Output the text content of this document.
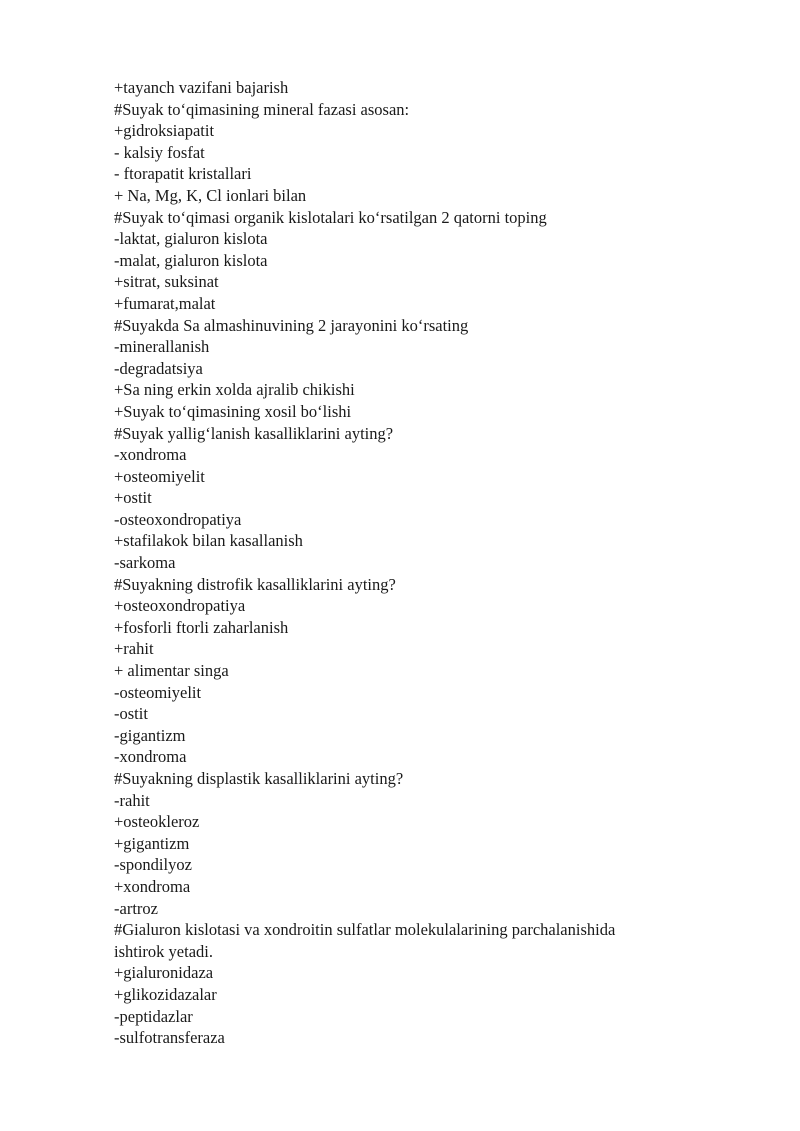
+tayanch vazifani bajarish
#Suyak to‘qimasining mineral fazasi asosan:
+gidroksiapatit
- kalsiy fosfat
- ftorapatit kristallari
+ Na, Mg, K, Cl ionlari bilan
#Suyak to‘qimasi organik kislotalari ko‘rsatilgan 2 qatorni toping
-laktat, gialuron kislota
-malat, gialuron kislota
+sitrat, suksinat
+fumarat,malat
#Suyakda Sa almashinuvining 2 jarayonini ko‘rsating
-minerallanish
-degradatsiya
+Sa ning erkin xolda ajralib chikishi
+Suyak to‘qimasining xosil bo‘lishi
#Suyak yallig‘lanish kasalliklarini ayting?
-xondroma
+osteomiyelit
+ostit
-osteoxondropatiya
+stafilakok bilan kasallanish
-sarkoma
#Suyakning distrofik kasalliklarini ayting?
+osteoxondropatiya
+fosforli ftorli zaharlanish
+rahit
+ alimentar singa
-osteomiyelit
-ostit
-gigantizm
-xondroma
#Suyakning displastik kasalliklarini ayting?
-rahit
+osteokleroz
+gigantizm
-spondilyoz
+xondroma
-artroz
#Gialuron kislotasi va xondroitin sulfatlar molekulalarining parchalanishida
ishtirok yetadi.
+gialuronidaza
+glikozidazalar
-peptidazlar
-sulfotransferaza
